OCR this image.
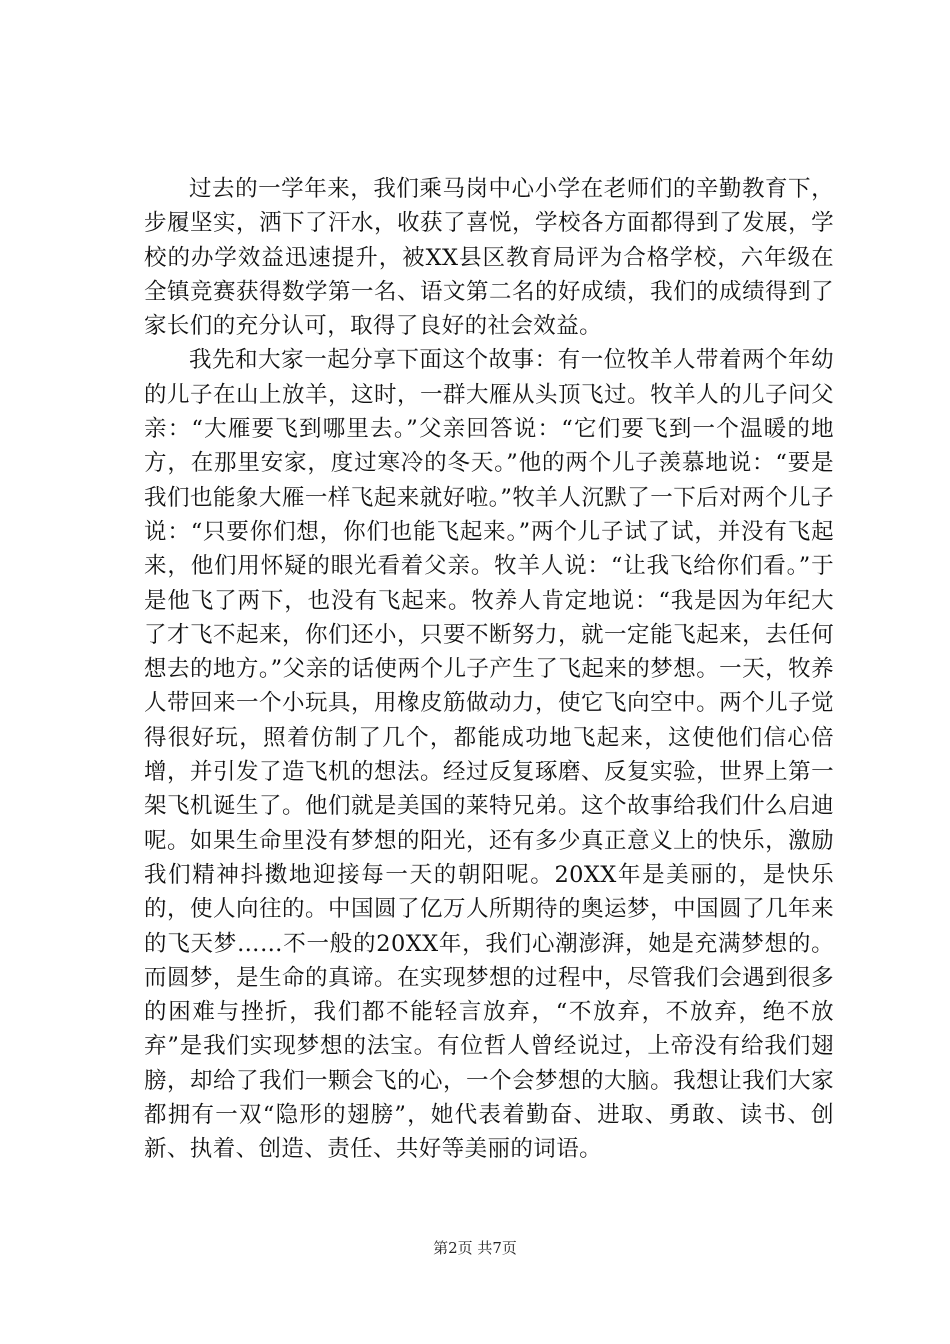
过去的一学年来，我们乘马岗中心小学在老师们的辛勤教育下，步履坚实，洒下了汗水，收获了喜悦，学校各方面都得到了发展，学校的办学效益迅速提升，被XX县区教育局评为合格学校，六年级在全镇竞赛获得数学第一名、语文第二名的好成绩，我们的成绩得到了家长们的充分认可，取得了良好的社会效益。

我先和大家一起分享下面这个故事：有一位牧羊人带着两个年幼的儿子在山上放羊，这时，一群大雁从头顶飞过。牧羊人的儿子问父亲：“大雁要飞到哪里去。”父亲回答说：“它们要飞到一个温暖的地方，在那里安家，度过寒冷的冬天。”他的两个儿子羡慕地说：“要是我们也能象大雁一样飞起来就好啦。”牧羊人沉默了一下后对两个儿子说：“只要你们想，你们也能飞起来。”两个儿子试了试，并没有飞起来，他们用怀疑的眼光看着父亲。牧羊人说：“让我飞给你们看。”于是他飞了两下，也没有飞起来。牧养人肯定地说：“我是因为年纪大了才飞不起来，你们还小，只要不断努力，就一定能飞起来，去任何想去的地方。”父亲的话使两个儿子产生了飞起来的梦想。一天，牧养人带回来一个小玩具，用橡皮筋做动力，使它飞向空中。两个儿子觉得很好玩，照着仿制了几个，都能成功地飞起来，这使他们信心倍增，并引发了造飞机的想法。经过反复琢磨、反复实验，世界上第一架飞机诞生了。他们就是美国的莱特兄弟。这个故事给我们什么启迪呢。如果生命里没有梦想的阳光，还有多少真正意义上的快乐，激励我们精神抖擞地迎接每一天的朝阳呢。20XX年是美丽的，是快乐的，使人向往的。中国圆了亿万人所期待的奥运梦，中国圆了几年来的飞天梦……不一般的20XX年，我们心潮澎湃，她是充满梦想的。而圆梦，是生命的真谛。在实现梦想的过程中，尽管我们会遇到很多的困难与挫折，我们都不能轻言放弃，“不放弃，不放弃，绝不放弃”是我们实现梦想的法宝。有位哲人曾经说过，上帝没有给我们翅膀，却给了我们一颗会飞的心，一个会梦想的大脑。我想让我们大家都拥有一双“隐形的翅膀”，她代表着勤奋、进取、勇敢、读书、创新、执着、创造、责任、共好等美丽的词语。

第2页 共7页
